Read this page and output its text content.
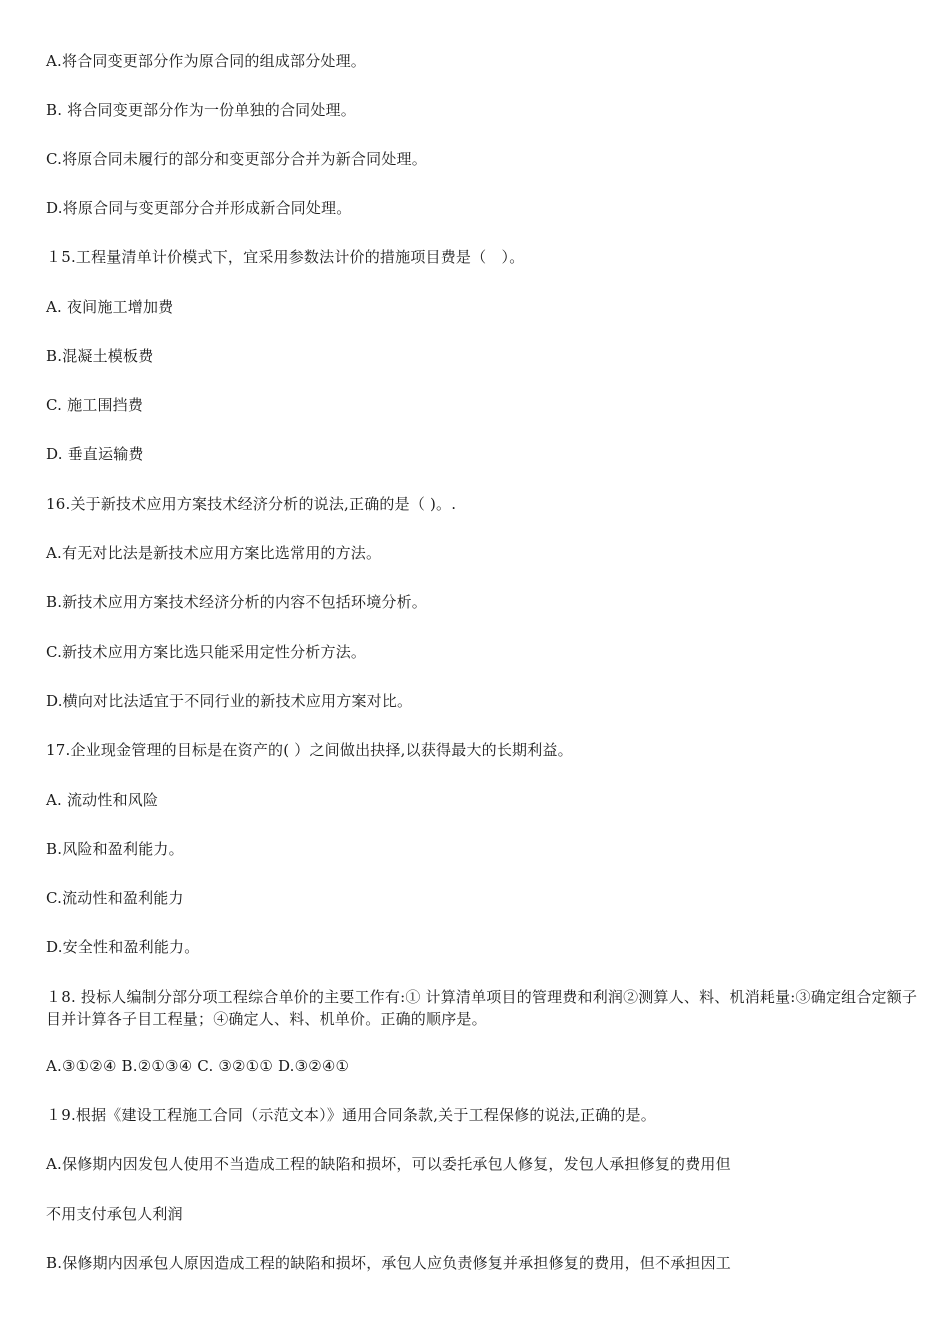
A.将合同变更部分作为原合同的组成部分处理。
B. 将合同变更部分作为一份单独的合同处理。
C.将原合同未履行的部分和变更部分合并为新合同处理。
D.将原合同与变更部分合并形成新合同处理。
１5.工程量清单计价模式下，宜采用参数法计价的措施项目费是（　）。
A. 夜间施工增加费
B.混凝土模板费
C. 施工围挡费
D. 垂直运输费
16.关于新技术应用方案技术经济分析的说法,正确的是（ )。.
A.有无对比法是新技术应用方案比选常用的方法。
B.新技术应用方案技术经济分析的内容不包括环境分析。
C.新技术应用方案比选只能采用定性分析方法。
D.横向对比法适宜于不同行业的新技术应用方案对比。
17.企业现金管理的目标是在资产的( ）之间做出抉择,以获得最大的长期利益。
A. 流动性和风险
B.风险和盈利能力。
C.流动性和盈利能力
D.安全性和盈利能力。
１8. 投标人编制分部分项工程综合单价的主要工作有:① 计算清单项目的管理费和利润②测算人、料、机消耗量:③确定组合定额子目并计算各子目工程量；④确定人、料、机单价。正确的顺序是。
A.③①②④ B.②①③④ C. ③②①① D.③②④①
１9.根据《建设工程施工合同（示范文本）》通用合同条款,关于工程保修的说法,正确的是。
A.保修期内因发包人使用不当造成工程的缺陷和损坏，可以委托承包人修复，发包人承担修复的费用但
不用支付承包人利润
B.保修期内因承包人原因造成工程的缺陷和损坏，承包人应负责修复并承担修复的费用，但不承担因工
